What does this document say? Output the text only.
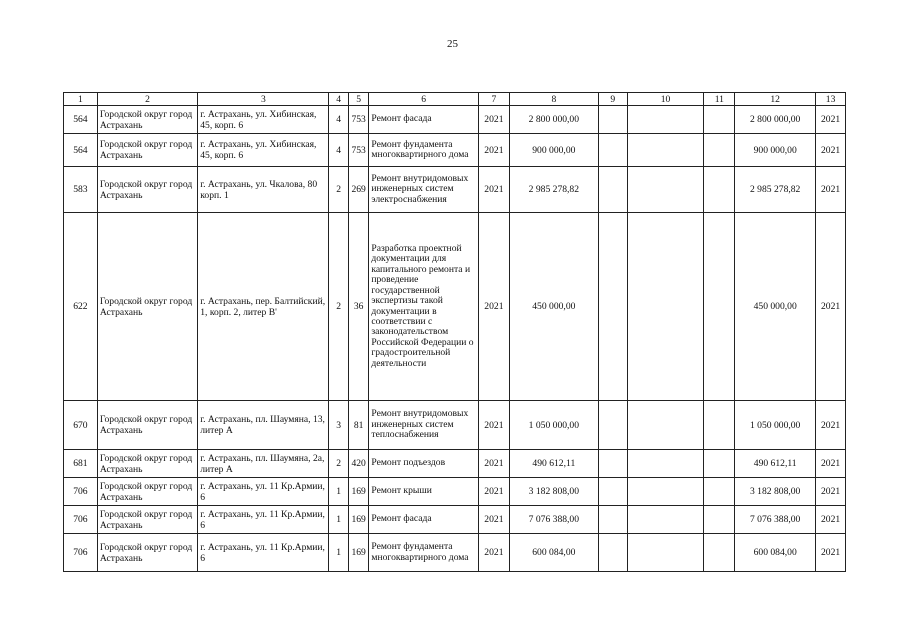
25
1	2	3	4	5	6	7	8	9	10	11	12	13
564	Городской округ город Астрахань	г. Астрахань, ул. Хибинская, 45, корп. 6	4	753	Ремонт фасада	2021	2 800 000,00				2 800 000,00	2021
564	Городской округ город Астрахань	г. Астрахань, ул. Хибинская, 45, корп. 6	4	753	Ремонт фундамента многоквартирного дома	2021	900 000,00				900 000,00	2021
583	Городской округ город Астрахань	г. Астрахань, ул. Чкалова, 80 корп. 1	2	269	Ремонт внутридомовых инженерных систем электроснабжения	2021	2 985 278,82				2 985 278,82	2021
622	Городской округ город Астрахань	г. Астрахань, пер. Балтийский, 1, корп. 2, литер В'	2	36	Разработка проектной документации для капитального ремонта и проведение государственной экспертизы такой документации в соответствии с законодательством Российской Федерации о градостроительной деятельности	2021	450 000,00				450 000,00	2021
670	Городской округ город Астрахань	г. Астрахань, пл. Шаумяна, 13, литер А	3	81	Ремонт внутридомовых инженерных систем теплоснабжения	2021	1 050 000,00				1 050 000,00	2021
681	Городской округ город Астрахань	г. Астрахань, пл. Шаумяна, 2а, литер А	2	420	Ремонт подъездов	2021	490 612,11				490 612,11	2021
706	Городской округ город Астрахань	г. Астрахань, ул. 11 Кр.Армии, 6	1	169	Ремонт крыши	2021	3 182 808,00				3 182 808,00	2021
706	Городской округ город Астрахань	г. Астрахань, ул. 11 Кр.Армии, 6	1	169	Ремонт фасада	2021	7 076 388,00				7 076 388,00	2021
706	Городской округ город Астрахань	г. Астрахань, ул. 11 Кр.Армии, 6	1	169	Ремонт фундамента многоквартирного дома	2021	600 084,00				600 084,00	2021
